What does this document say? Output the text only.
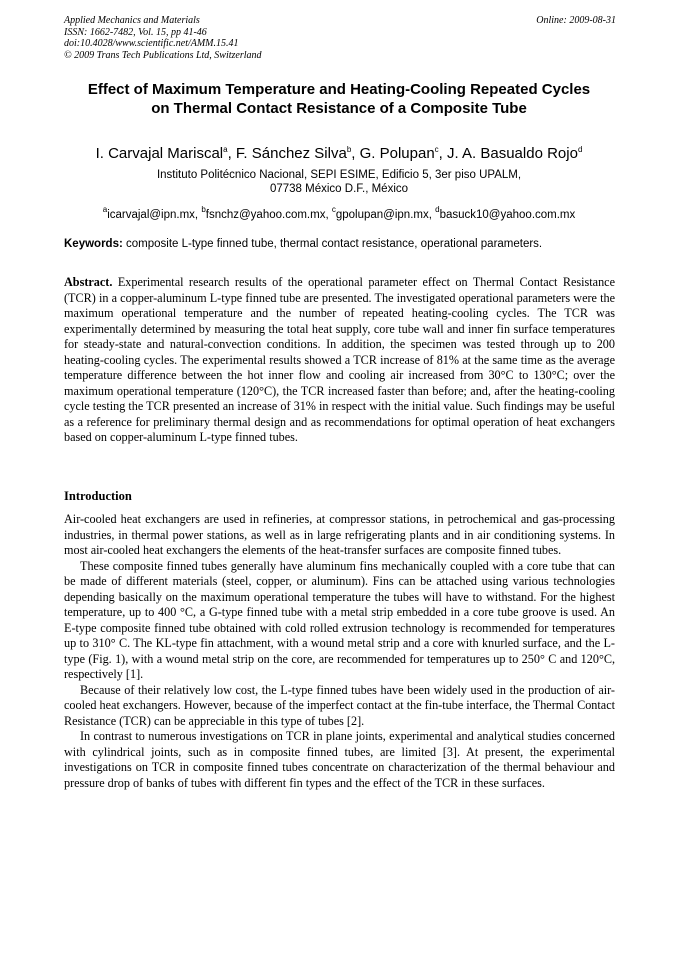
Applied Mechanics and Materials
ISSN: 1662-7482, Vol. 15, pp 41-46
doi:10.4028/www.scientific.net/AMM.15.41
© 2009 Trans Tech Publications Ltd, Switzerland
Online: 2009-08-31
Effect of Maximum Temperature and Heating-Cooling Repeated Cycles
on Thermal Contact Resistance of a Composite Tube
I. Carvajal Mariscal$^a$, F. Sánchez Silva$^b$, G. Polupan$^c$, J. A. Basualdo Rojo$^d$
Instituto Politécnico Nacional, SEPI ESIME, Edificio 5, 3er piso UPALM,
07738 México D.F., México
$^a$icarvajal@ipn.mx, $^b$fsnchz@yahoo.com.mx, $^c$gpolupan@ipn.mx, $^d$basuck10@yahoo.com.mx
Keywords: composite L-type finned tube, thermal contact resistance, operational parameters.
Abstract. Experimental research results of the operational parameter effect on Thermal Contact Resistance (TCR) in a copper-aluminum L-type finned tube are presented. The investigated operational parameters were the maximum operational temperature and the number of repeated heating-cooling cycles. The TCR was experimentally determined by measuring the total heat supply, core tube wall and inner fin surface temperatures for steady-state and natural-convection conditions. In addition, the specimen was tested through up to 200 heating-cooling cycles. The experimental results showed a TCR increase of 81% at the same time as the average temperature difference between the hot inner flow and cooling air increased from 30°C to 130°C; over the maximum operational temperature (120°C), the TCR increased faster than before; and, after the heating-cooling cycle testing the TCR presented an increase of 31% in respect with the initial value. Such findings may be useful as a reference for preliminary thermal design and as recommendations for optimal operation of heat exchangers based on copper-aluminum L-type finned tubes.
Introduction

Air-cooled heat exchangers are used in refineries, at compressor stations, in petrochemical and gas-processing industries, in thermal power stations, as well as in large refrigerating plants and in air conditioning systems. In most air-cooled heat exchangers the elements of the heat-transfer surfaces are composite finned tubes.

These composite finned tubes generally have aluminum fins mechanically coupled with a core tube that can be made of different materials (steel, copper, or aluminum). Fins can be attached using various technologies depending basically on the maximum operational temperature the tubes will have to withstand. For the highest temperature, up to 400 °C, a G-type finned tube with a metal strip embedded in a core tube groove is used. An E-type composite finned tube obtained with cold rolled extrusion technology is recommended for temperatures up to 310° C. The KL-type fin attachment, with a wound metal strip and a core with knurled surface, and the L-type (Fig. 1), with a wound metal strip on the core, are recommended for temperatures up to 250° C and 120°C, respectively [1].

Because of their relatively low cost, the L-type finned tubes have been widely used in the production of air-cooled heat exchangers. However, because of the imperfect contact at the fin-tube interface, the Thermal Contact Resistance (TCR) can be appreciable in this type of tubes [2].

In contrast to numerous investigations on TCR in plane joints, experimental and analytical studies concerned with cylindrical joints, such as in composite finned tubes, are limited [3]. At present, the experimental investigations on TCR in composite finned tubes concentrate on characterization of the thermal behaviour and pressure drop of banks of tubes with different fin types and the effect of the TCR in these surfaces.
